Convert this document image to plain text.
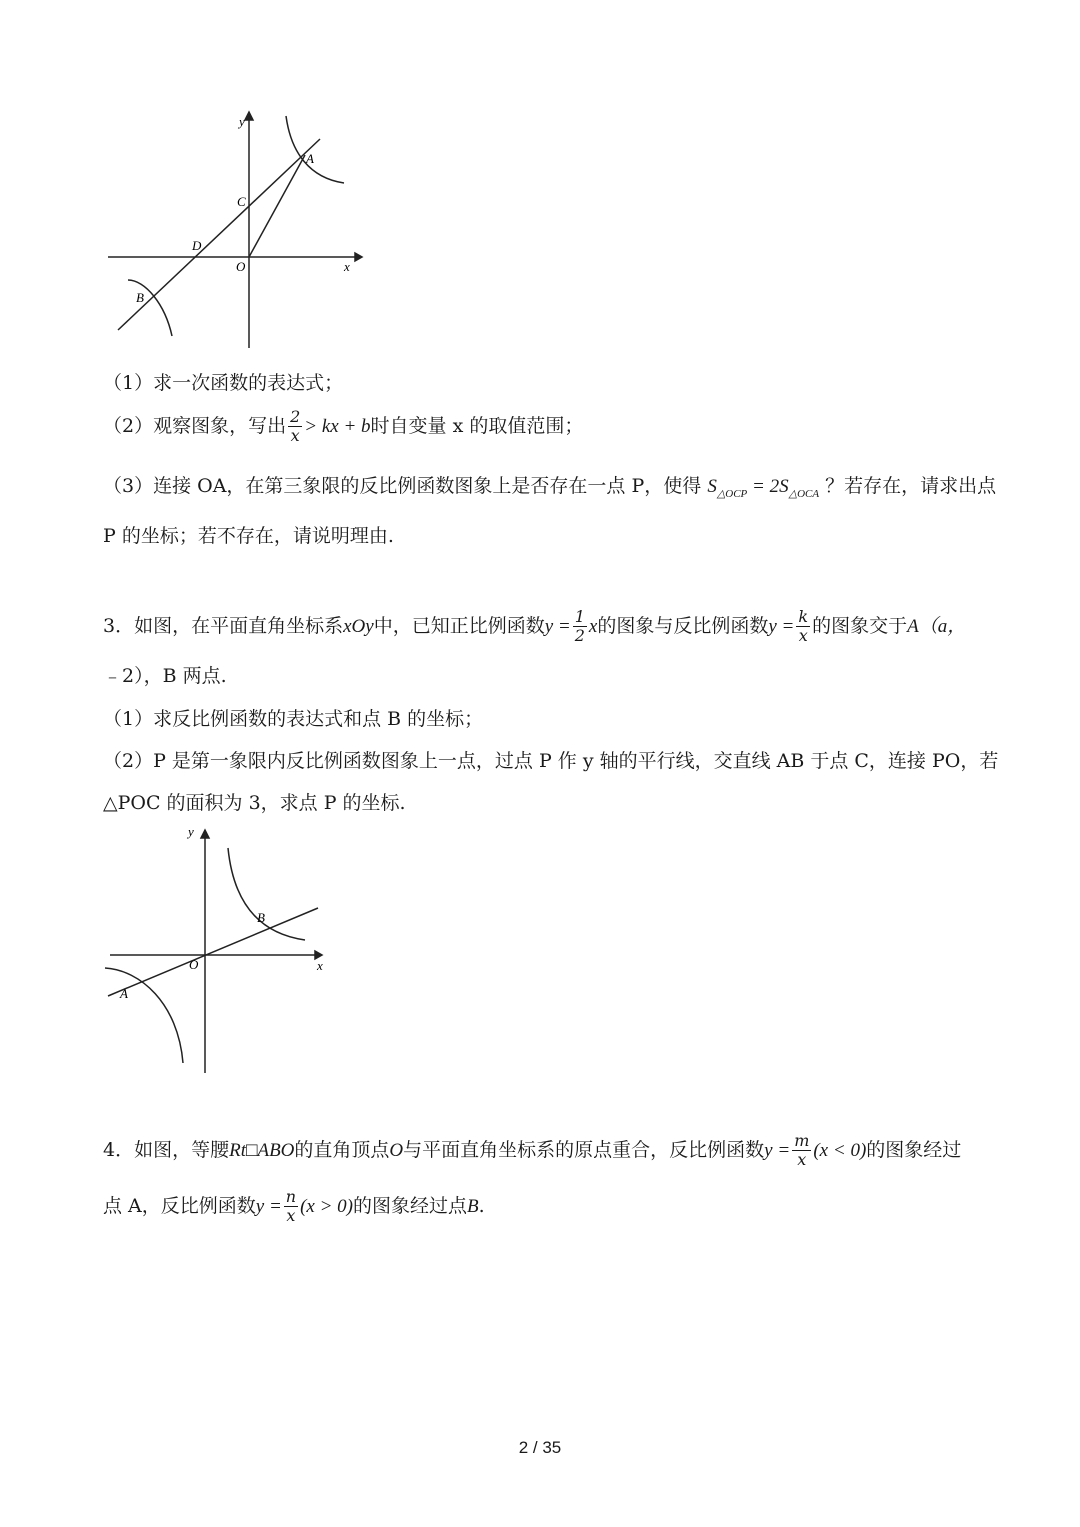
y
x
A
C
D
O
B
（1）求一次函数的表达式；
（2）观察图象，写出 $\frac{2}{x}$ > kx + b 时自变量 x 的取值范围；
（3）连接 OA，在第三象限的反比例函数图象上是否存在一点 P，使得 $S_{\triangle OCP} = 2S_{\triangle OCA}$ ？若存在，请求出点
P 的坐标；若不存在，请说明理由.
3．如图，在平面直角坐标系 xOy 中，已知正比例函数 $y = \frac{1}{2}$ x 的图象与反比例函数 $y = \frac{k}{x}$ 的图象交于 A（a，
﹣2），B 两点.
（1）求反比例函数的表达式和点 B 的坐标；
（2）P 是第一象限内反比例函数图象上一点，过点 P 作 y 轴的平行线，交直线 AB 于点 C，连接 PO，若
△POC 的面积为 3，求点 P 的坐标.
y
x
B
O
A
4．如图，等腰 Rt□ ABO 的直角顶点 O 与平面直角坐标系的原点重合，反比例函数 $y = \frac{m}{x} (x < 0)$ 的图象经过
点 A，反比例函数 $y = \frac{n}{x} (x > 0)$ 的图象经过点 B .
2 / 35
